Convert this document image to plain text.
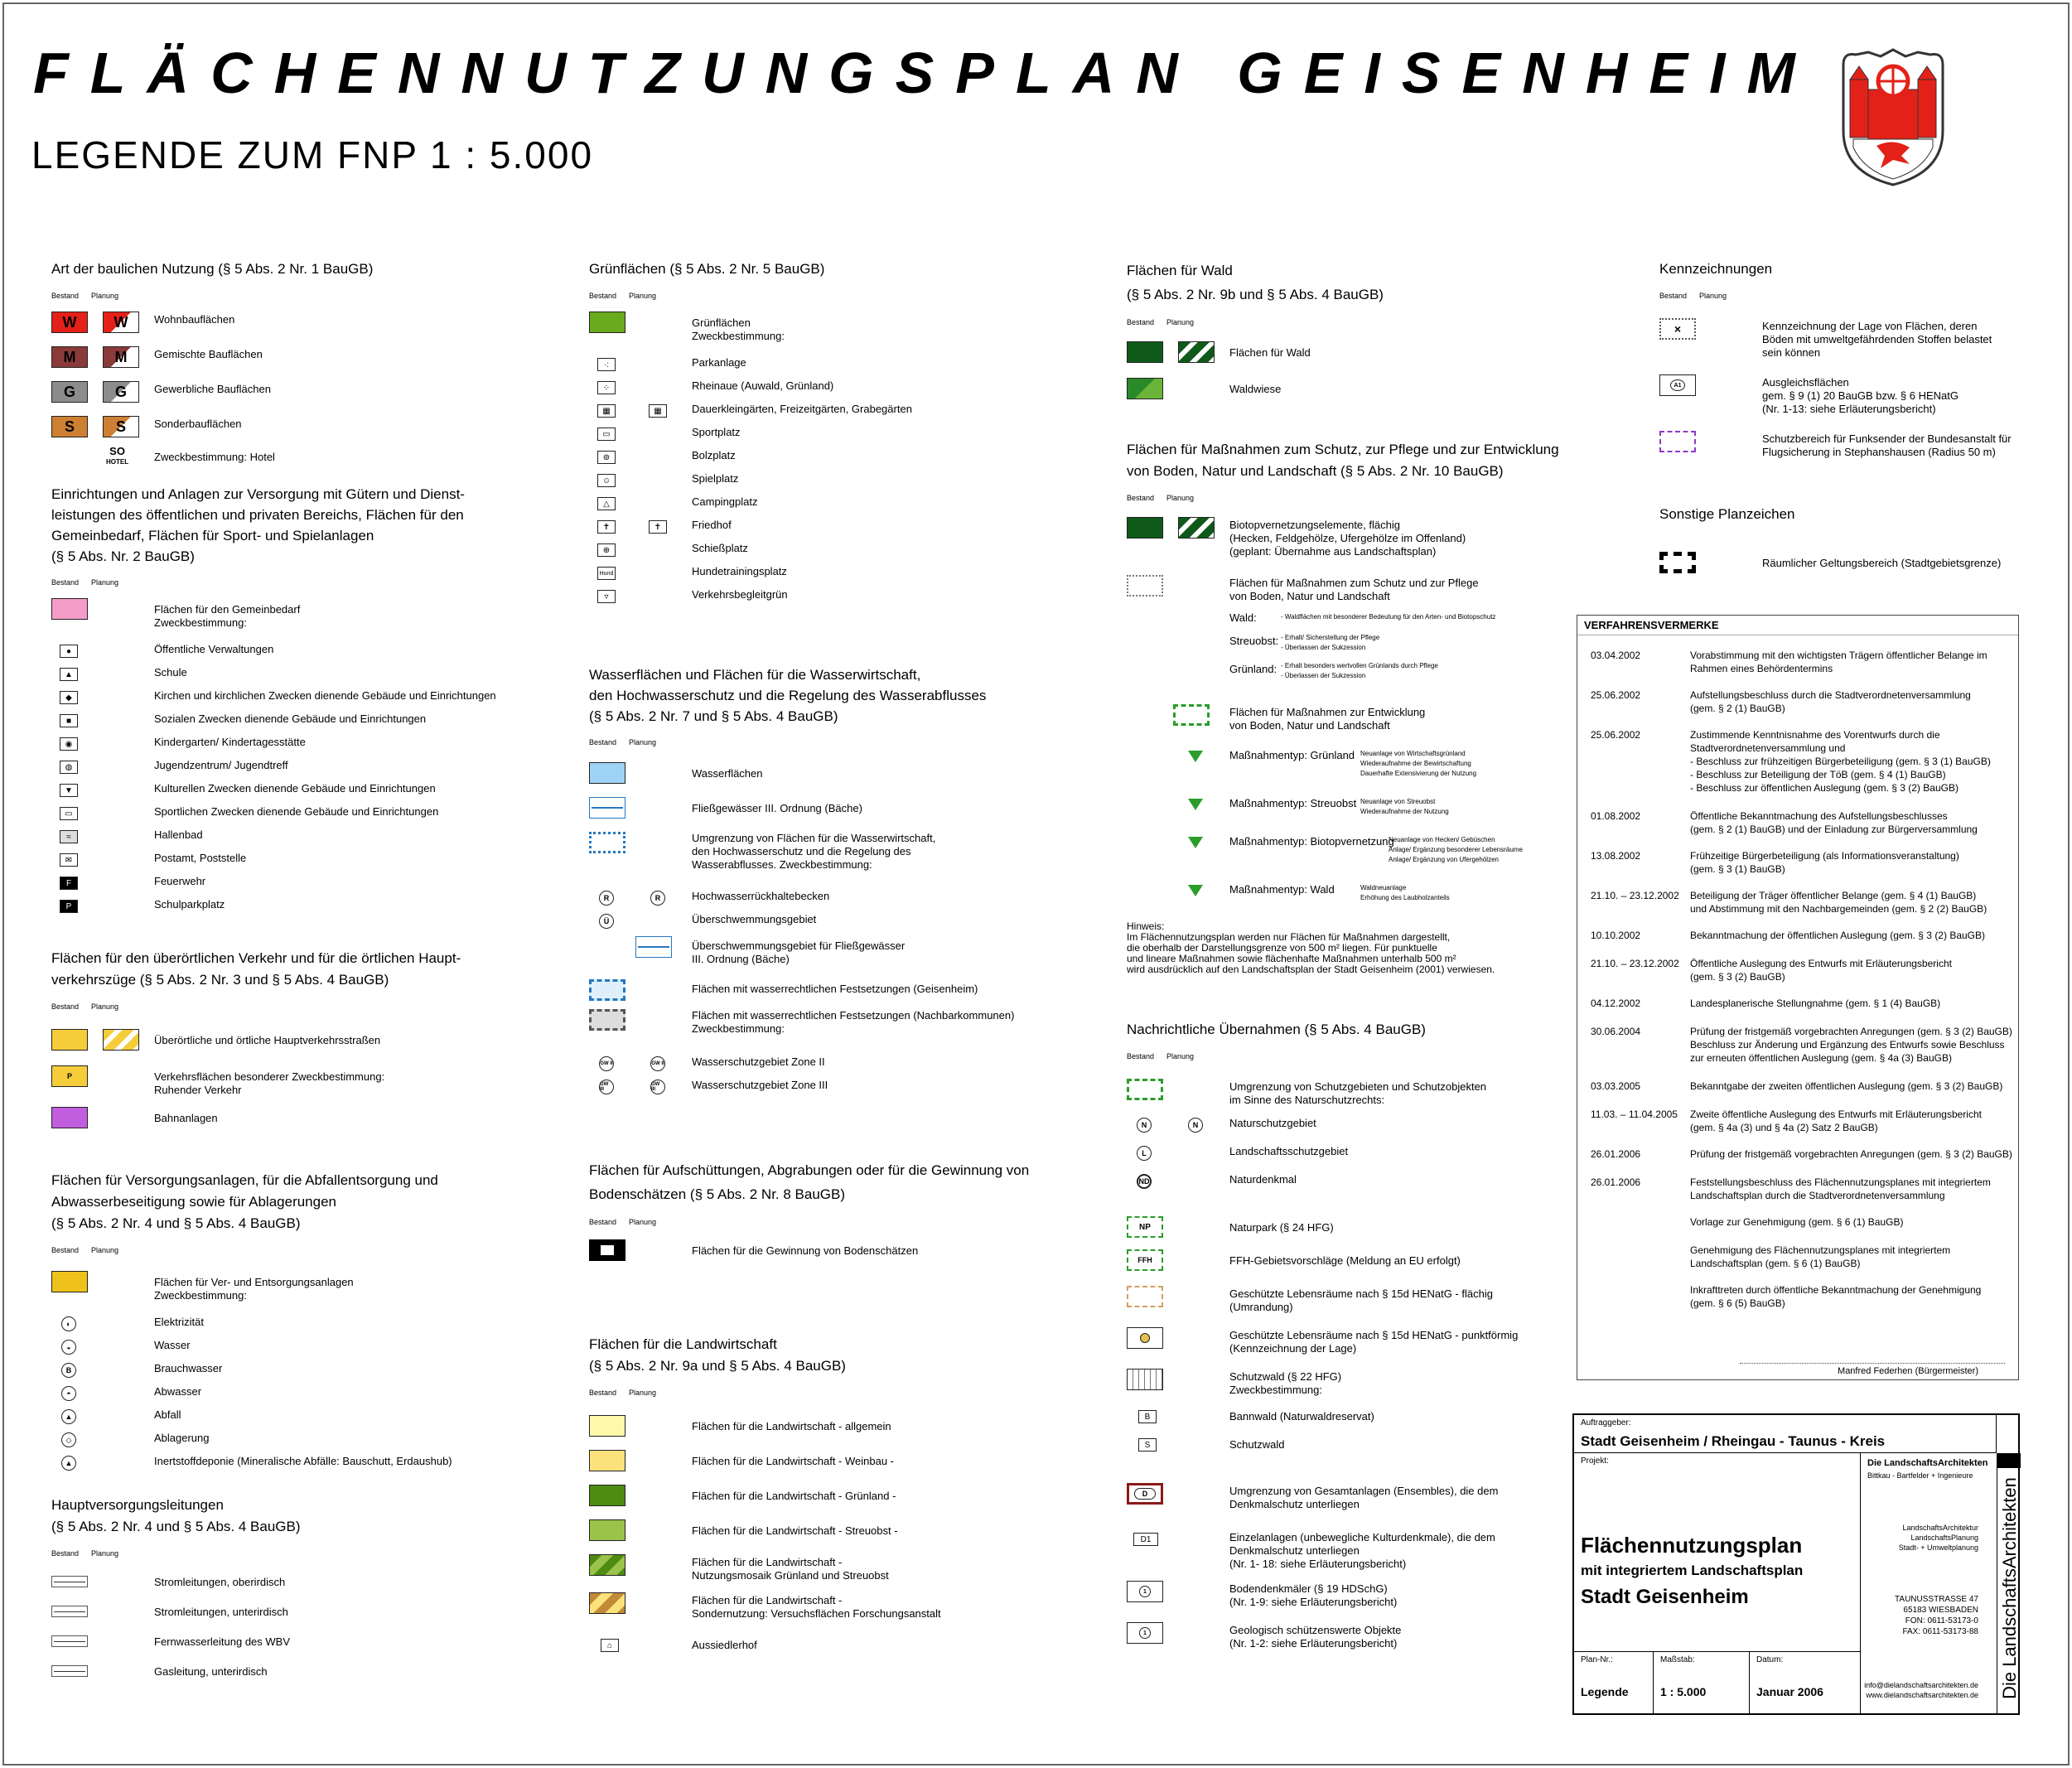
FLÄCHENNUTZUNGSPLAN GEISENHEIM
LEGENDE ZUM FNP 1 : 5.000
Art der baulichen Nutzung (§ 5 Abs. 2 Nr. 1 BauGB)
Bestand Planung
W	W	Wohnbauflächen
M	M	Gemischte Bauflächen
G	G	Gewerbliche Bauflächen
S	S	Sonderbauflächen
SO
HOTEL Zweckbestimmung: Hotel
Einrichtungen und Anlagen zur Versorgung mit Gütern und Dienst-
leistungen des öffentlichen und privaten Bereichs, Flächen für den
Gemeinbedarf, Flächen für Sport- und Spielanlagen
(§ 5 Abs. Nr. 2 BauGB)
Bestand Planung
Flächen für den Gemeinbedarf
Zweckbestimmung:
●	Öffentliche Verwaltungen
▲	Schule
◆	Kirchen und kirchlichen Zwecken dienende Gebäude und Einrichtungen
■	Sozialen Zwecken dienende Gebäude und Einrichtungen
◉	Kindergarten/ Kindertagesstätte
◍	Jugendzentrum/ Jugendtreff
▼	Kulturellen Zwecken dienende Gebäude und Einrichtungen
▭	Sportlichen Zwecken dienende Gebäude und Einrichtungen
≈	Hallenbad
✉	Postamt, Poststelle
F	Feuerwehr
P	Schulparkplatz
Flächen für den überörtlichen Verkehr und für die örtlichen Haupt-
verkehrszüge (§ 5 Abs. 2 Nr. 3 und § 5 Abs. 4 BauGB)
Bestand Planung
Überörtliche und örtliche Hauptverkehrsstraßen
P	Verkehrsflächen besonderer Zweckbestimmung:
Ruhender Verkehr
Bahnanlagen
Flächen für Versorgungsanlagen, für die Abfallentsorgung und
Abwasserbeseitigung sowie für Ablagerungen
(§ 5 Abs. 2 Nr. 4 und § 5 Abs. 4 BauGB)
Bestand Planung
Flächen für Ver- und Entsorgungsanlagen
Zweckbestimmung:
◐	Elektrizität
◒	Wasser
B	Brauchwasser
◓	Abwasser
▲	Abfall
◇	Ablagerung
▲	Inertstoffdeponie (Mineralische Abfälle: Bauschutt, Erdaushub)
Hauptversorgungsleitungen
(§ 5 Abs. 2 Nr. 4 und § 5 Abs. 4 BauGB)
Bestand Planung
Stromleitungen, oberirdisch
Stromleitungen, unterirdisch
Fernwasserleitung des WBV
Gasleitung, unterirdisch
Grünflächen (§ 5 Abs. 2 Nr. 5 BauGB)
Bestand Planung
Grünflächen
Zweckbestimmung:
·:	Parkanlage
⁘	Rheinaue (Auwald, Grünland)
▦	▦	Dauerkleingärten, Freizeitgärten, Grabegärten
▭	Sportplatz
⊚	Bolzplatz
☺	Spielplatz
△	Campingplatz
✝	✝	Friedhof
⊕	Schießplatz
Hund	Hundetrainingsplatz
▿	Verkehrsbegleitgrün
Wasserflächen und Flächen für die Wasserwirtschaft,
den Hochwasserschutz und die Regelung des Wasserabflusses
(§ 5 Abs. 2 Nr. 7 und § 5 Abs. 4 BauGB)
Bestand Planung
Wasserflächen
Fließgewässer III. Ordnung (Bäche)
Umgrenzung von Flächen für die Wasserwirtschaft,
den Hochwasserschutz und die Regelung des
Wasserabflusses. Zweckbestimmung:
R	R	Hochwasserrückhaltebecken
Ü	Überschwemmungsgebiet
Überschwemmungsgebiet für Fließgewässer
III. Ordnung (Bäche)
Flächen mit wasserrechtlichen Festsetzungen (Geisenheim)
Flächen mit wasserrechtlichen Festsetzungen (Nachbarkommunen)
Zweckbestimmung:
GW II	GW II	Wasserschutzgebiet Zone II
GW III
GW III	Wasserschutzgebiet Zone III
Flächen für Aufschüttungen, Abgrabungen oder für die Gewinnung von
Bodenschätzen (§ 5 Abs. 2 Nr. 8 BauGB)
Bestand Planung
Flächen für die Gewinnung von Bodenschätzen
Flächen für die Landwirtschaft
(§ 5 Abs. 2 Nr. 9a und § 5 Abs. 4 BauGB)
Bestand Planung
Flächen für die Landwirtschaft - allgemein
Flächen für die Landwirtschaft - Weinbau -
Flächen für die Landwirtschaft - Grünland -
Flächen für die Landwirtschaft - Streuobst -
Flächen für die Landwirtschaft -
Nutzungsmosaik Grünland und Streuobst
Flächen für die Landwirtschaft -
Sondernutzung: Versuchsflächen Forschungsanstalt
⌂	Aussiedlerhof
Flächen für Wald
(§ 5 Abs. 2 Nr. 9b und § 5 Abs. 4 BauGB)
Bestand Planung
Flächen für Wald
Waldwiese
Flächen für Maßnahmen zum Schutz, zur Pflege und zur Entwicklung
von Boden, Natur und Landschaft (§ 5 Abs. 2 Nr. 10 BauGB)
Bestand Planung
Biotopvernetzungselemente, flächig
(Hecken, Feldgehölze, Ufergehölze im Offenland)
(geplant: Übernahme aus Landschaftsplan)
Flächen für Maßnahmen zum Schutz und zur Pflege
von Boden, Natur und Landschaft
Wald:	- Waldflächen mit besonderer Bedeutung für den Arten- und Biotopschutz
Streuobst: - Erhalt/ Sicherstellung der Pflege
- Überlassen der Sukzession
Grünland: - Erhalt besonders wertvollen Grünlands durch Pflege
- Überlassen der Sukzession
Flächen für Maßnahmen zur Entwicklung
von Boden, Natur und Landschaft
Maßnahmentyp: Grünland Neuanlage von Wirtschaftsgrünland
Wiederaufnahme der Bewirtschaftung
Dauerhafte Extensivierung der Nutzung
Maßnahmentyp: Streuobst Neuanlage von Streuobst
Wiederaufnahme der Nutzung
Maßnahmentyp: Biotopvernetzung
Neuanlage von Hecken/ Gebüschen
Anlage/ Ergänzung besonderer Lebensräume
Anlage/ Ergänzung von Ufergehölzen
Maßnahmentyp: Wald	Waldneuanlage
Erhöhung des Laubholzanteils
Hinweis:
Im Flächennutzungsplan werden nur Flächen für Maßnahmen dargestellt,
die oberhalb der Darstellungsgrenze von 500 m² liegen. Für punktuelle
und lineare Maßnahmen sowie flächenhafte Maßnahmen unterhalb 500 m²
wird ausdrücklich auf den Landschaftsplan der Stadt Geisenheim (2001) verwiesen.
Nachrichtliche Übernahmen (§ 5 Abs. 4 BauGB)
Bestand Planung
Umgrenzung von Schutzgebieten und Schutzobjekten
im Sinne des Naturschutzrechts:
N	N	Naturschutzgebiet
L	Landschaftsschutzgebiet
ND	Naturdenkmal
NP	Naturpark (§ 24 HFG)
FFH	FFH-Gebietsvorschläge (Meldung an EU erfolgt)
Geschützte Lebensräume nach § 15d HENatG - flächig
(Umrandung)
Geschützte Lebensräume nach § 15d HENatG - punktförmig
(Kennzeichnung der Lage)
Schutzwald (§ 22 HFG)
Zweckbestimmung:
B	Bannwald (Naturwaldreservat)
S	Schutzwald
D	Umgrenzung von Gesamtanlagen (Ensembles), die dem
Denkmalschutz unterliegen
D1	Einzelanlagen (unbewegliche Kulturdenkmale), die dem
Denkmalschutz unterliegen
(Nr. 1- 18: siehe Erläuterungsbericht)
1	Bodendenkmäler (§ 19 HDSchG)
(Nr. 1-9: siehe Erläuterungsbericht)
1	Geologisch schützenswerte Objekte
(Nr. 1-2: siehe Erläuterungsbericht)
Kennzeichnungen
Bestand Planung
×	Kennzeichnung der Lage von Flächen, deren
Böden mit umweltgefährdenden Stoffen belastet
sein können
A1	Ausgleichsflächen
gem. § 9 (1) 20 BauGB bzw. § 6 HENatG
(Nr. 1-13: siehe Erläuterungsbericht)
Schutzbereich für Funksender der Bundesanstalt für
Flugsicherung in Stephanshausen (Radius 50 m)
Sonstige Planzeichen
Räumlicher Geltungsbereich (Stadtgebietsgrenze)
VERFAHRENSVERMERKE
03.04.2002	Vorabstimmung mit den wichtigsten Trägern öffentlicher Belange im
Rahmen eines Behördentermins
25.06.2002	Aufstellungsbeschluss durch die Stadtverordnetenversammlung
(gem. § 2 (1) BauGB)
25.06.2002	Zustimmende Kenntnisnahme des Vorentwurfs durch die
Stadtverordnetenversammlung und
- Beschluss zur frühzeitigen Bürgerbeteiligung (gem. § 3 (1) BauGB)
- Beschluss zur Beteiligung der TöB (gem. § 4 (1) BauGB)
- Beschluss zur öffentlichen Auslegung (gem. § 3 (2) BauGB)
01.08.2002	Öffentliche Bekanntmachung des Aufstellungsbeschlusses
(gem. § 2 (1) BauGB) und der Einladung zur Bürgerversammlung
13.08.2002	Frühzeitige Bürgerbeteiligung (als Informationsveranstaltung)
(gem. § 3 (1) BauGB)
21.10. – 23.12.2002	Beteiligung der Träger öffentlicher Belange (gem. § 4 (1) BauGB)
und Abstimmung mit den Nachbargemeinden (gem. § 2 (2) BauGB)
10.10.2002	Bekanntmachung der öffentlichen Auslegung (gem. § 3 (2) BauGB)
21.10. – 23.12.2002	Öffentliche Auslegung des Entwurfs mit Erläuterungsbericht
(gem. § 3 (2) BauGB)
04.12.2002	Landesplanerische Stellungnahme (gem. § 1 (4) BauGB)
30.06.2004	Prüfung der fristgemäß vorgebrachten Anregungen (gem. § 3 (2) BauGB)
Beschluss zur Änderung und Ergänzung des Entwurfs sowie Beschluss
zur erneuten öffentlichen Auslegung (gem. § 4a (3) BauGB)
03.03.2005	Bekanntgabe der zweiten öffentlichen Auslegung (gem. § 3 (2) BauGB)
11.03. – 11.04.2005	Zweite öffentliche Auslegung des Entwurfs mit Erläuterungsbericht
(gem. § 4a (3) und § 4a (2) Satz 2 BauGB)
26.01.2006	Prüfung der fristgemäß vorgebrachten Anregungen (gem. § 3 (2) BauGB)
26.01.2006	Feststellungsbeschluss des Flächennutzungsplanes mit integriertem
Landschaftsplan durch die Stadtverordnetenversammlung
Vorlage zur Genehmigung (gem. § 6 (1) BauGB)
Genehmigung des Flächennutzungsplanes mit integriertem
Landschaftsplan (gem. § 6 (1) BauGB)
Inkrafttreten durch öffentliche Bekanntmachung der Genehmigung
(gem. § 6 (5) BauGB)
Manfred Federhen (Bürgermeister)
Auftraggeber:
Stadt Geisenheim / Rheingau - Taunus - Kreis
Projekt:
Flächennutzungsplan
mit integriertem Landschaftsplan
Stadt Geisenheim
Die LandschaftsArchitekten
Bittkau - Bartfelder + Ingenieure
LandschaftsArchitektur
LandschaftsPlanung
Stadt- + Umweltplanung
TAUNUSSTRASSE 47
65183 WIESBADEN
FON: 0611-53173-0
FAX: 0611-53173-88
info@dielandschaftsarchitekten.de
www.dielandschaftsarchitekten.de Die LandschaftsArchitekten
Plan-Nr.:
Legende
Maßstab:
1 : 5.000
Datum:
Januar 2006
